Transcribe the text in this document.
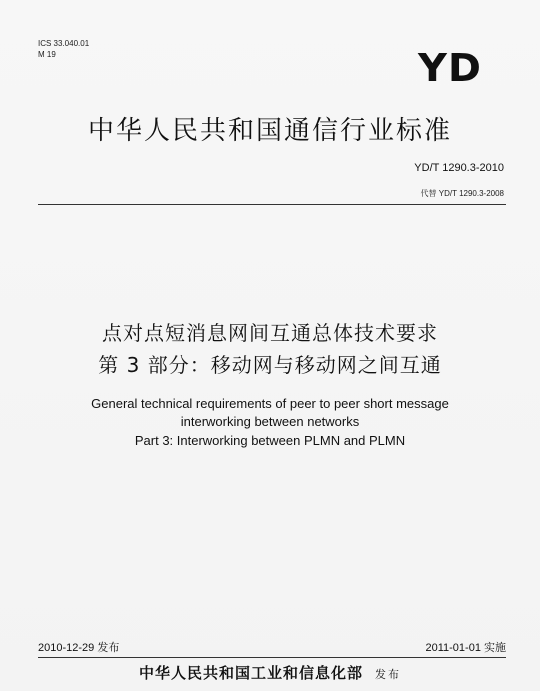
ICS 33.040.01
M 19	YD
中华人民共和国通信行业标准
YD/T 1290.3-2010
代替 YD/T 1290.3-2008
点对点短消息网间互通总体技术要求
第 3 部分：移动网与移动网之间互通
General technical requirements of peer to peer short message
interworking between networks
Part 3: Interworking between PLMN and PLMN
2010-12-29 发布	2011-01-01 实施
中华人民共和国工业和信息化部 发布
